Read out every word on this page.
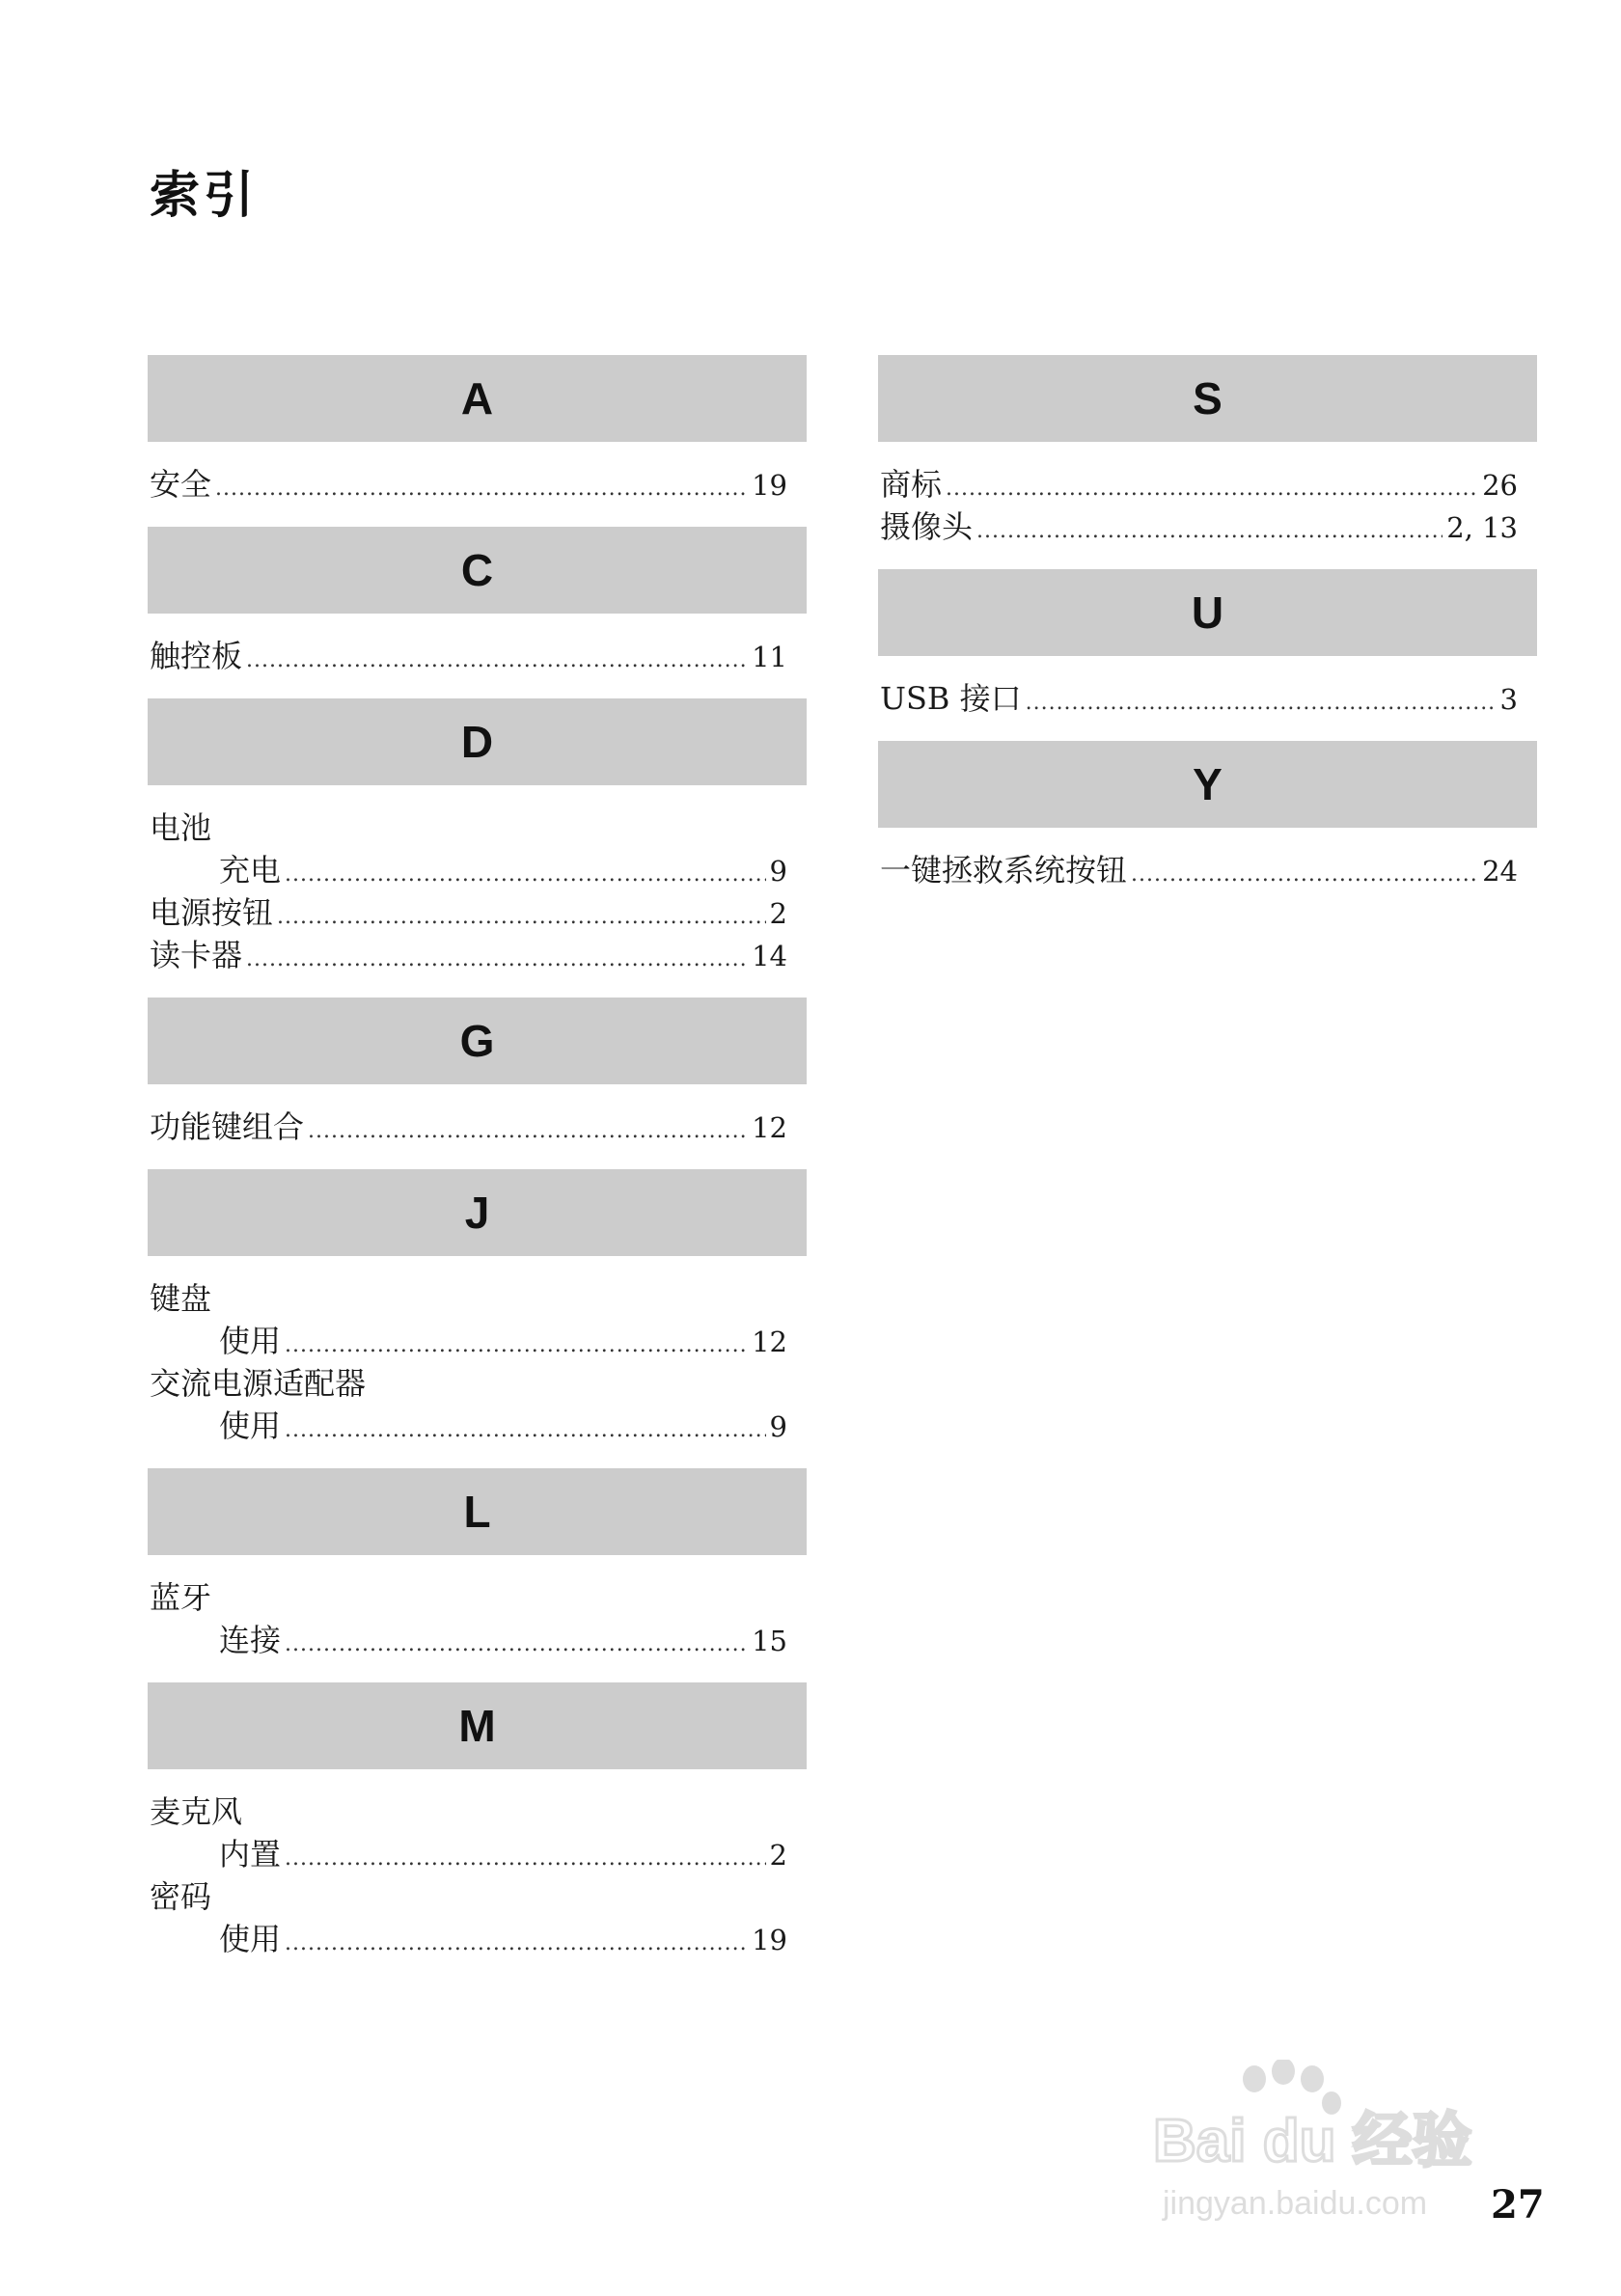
索引
A
安全 .....	19
C
触控板 .....	11
D
电池
充电 .....	9
电源按钮 .....	2
读卡器 .....	14
G
功能键组合 .....	12
J
键盘
使用 .....	12
交流电源适配器
使用 .....	9
L
蓝牙
连接 .....	15
M
麦克风
内置 .....	2
密码
使用 .....	19
S
商标 .....	26
摄像头 .....	2, 13
U
USB 接口 .....	3
Y
一键拯救系统按钮 .....	24
Bai du 经验
jingyan.baidu.com 27
